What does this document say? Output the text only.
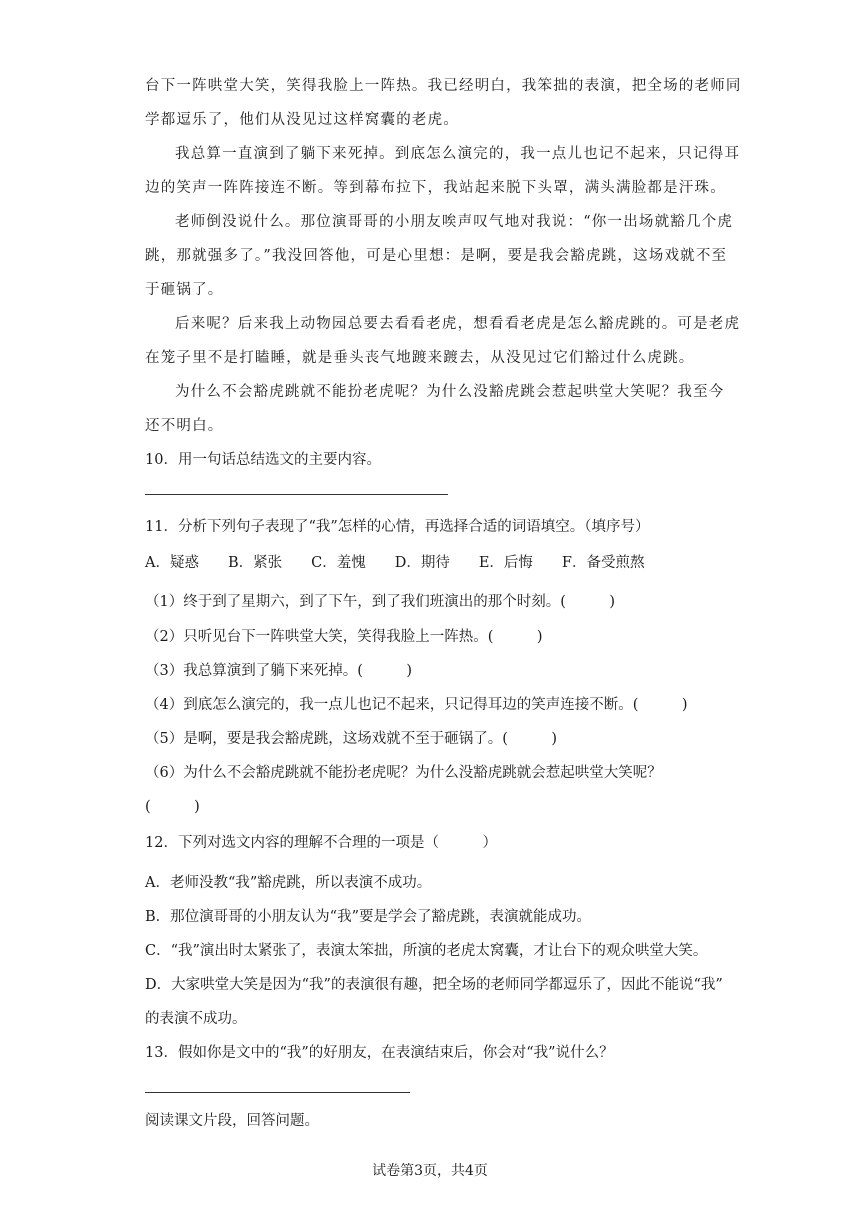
台下一阵哄堂大笑，笑得我脸上一阵热。我已经明白，我笨拙的表演，把全场的老师同
学都逗乐了，他们从没见过这样窝囊的老虎。
我总算一直演到了躺下来死掉。到底怎么演完的，我一点儿也记不起来，只记得耳
边的笑声一阵阵接连不断。等到幕布拉下，我站起来脱下头罩，满头满脸都是汗珠。
老师倒没说什么。那位演哥哥的小朋友唉声叹气地对我说：“你一出场就豁几个虎
跳，那就强多了。”我没回答他，可是心里想：是啊，要是我会豁虎跳，这场戏就不至
于砸锅了。
后来呢？后来我上动物园总要去看看老虎，想看看老虎是怎么豁虎跳的。可是老虎
在笼子里不是打瞌睡，就是垂头丧气地踱来踱去，从没见过它们豁过什么虎跳。
为什么不会豁虎跳就不能扮老虎呢？为什么没豁虎跳会惹起哄堂大笑呢？我至今
还不明白。
10．用一句话总结选文的主要内容。
11．分析下列句子表现了“我”怎样的心情，再选择合适的词语填空。（填序号）
A．疑惑　　B．紧张　　C．羞愧　　D．期待　　E．后悔　　F．备受煎熬
（1）终于到了星期六，到了下午，到了我们班演出的那个时刻。(　　　)
（2）只听见台下一阵哄堂大笑，笑得我脸上一阵热。(　　　)
（3）我总算演到了躺下来死掉。(　　　)
（4）到底怎么演完的，我一点儿也记不起来，只记得耳边的笑声连接不断。(　　　)
（5）是啊，要是我会豁虎跳，这场戏就不至于砸锅了。(　　　)
（6）为什么不会豁虎跳就不能扮老虎呢？为什么没豁虎跳就会惹起哄堂大笑呢？
(　　　)
12．下列对选文内容的理解不合理的一项是（　　　）
A．老师没教“我”豁虎跳，所以表演不成功。
B．那位演哥哥的小朋友认为“我”要是学会了豁虎跳，表演就能成功。
C．“我”演出时太紧张了，表演太笨拙，所演的老虎太窝囊，才让台下的观众哄堂大笑。
D．大家哄堂大笑是因为“我”的表演很有趣，把全场的老师同学都逗乐了，因此不能说“我”
的表演不成功。
13．假如你是文中的“我”的好朋友，在表演结束后，你会对“我”说什么？
阅读课文片段，回答问题。
试卷第3页，共4页
